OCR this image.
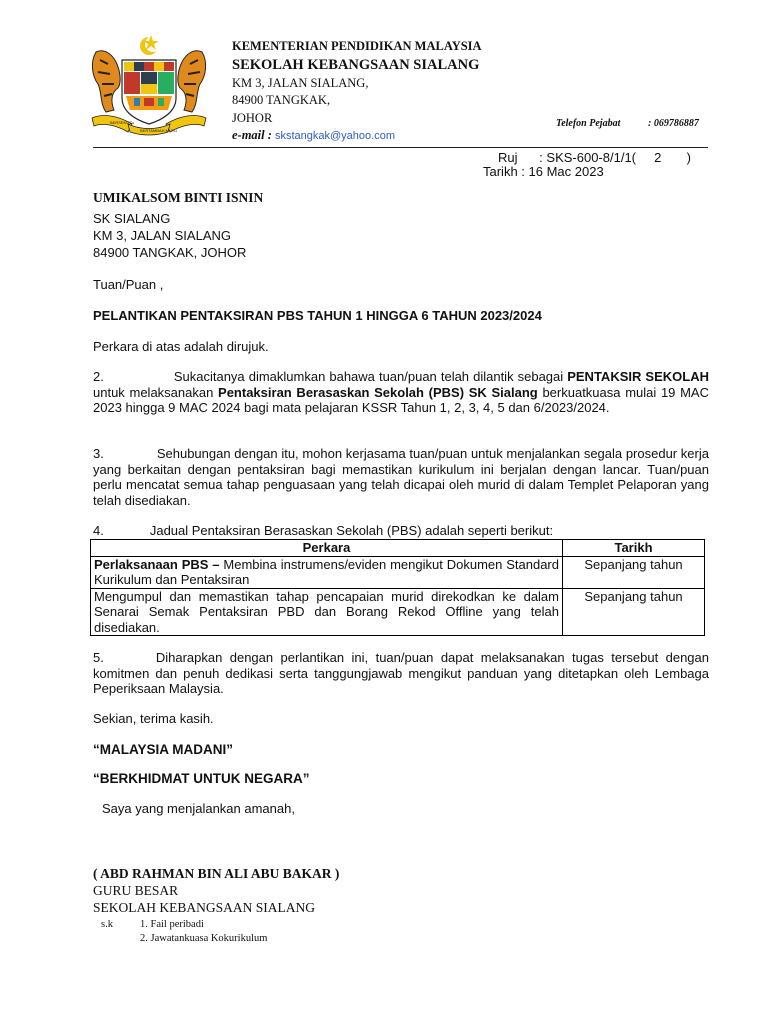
BERSEKUTU
BERTAMBAH MUTU
KEMENTERIAN PENDIDIKAN MALAYSIA
SEKOLAH KEBANGSAAN SIALANG
KM 3, JALAN SIALANG,
84900 TANGKAK,
JOHOR
e-mail : skstangkak@yahoo.com
Telefon Pejabat	: 069786887
Ruj      : SKS-600-8/1/1(     2       )
Tarikh : 16 Mac 2023
UMIKALSOM BINTI ISNIN
SK SIALANG
KM 3, JALAN SIALANG
84900 TANGKAK, JOHOR
Tuan/Puan ,
PELANTIKAN PENTAKSIRAN PBS TAHUN 1 HINGGA 6 TAHUN 2023/2024
Perkara di atas adalah dirujuk.
2.	Sukacitanya dimaklumkan bahawa tuan/puan telah dilantik sebagai PENTAKSIR SEKOLAH untuk melaksanakan Pentaksiran Berasaskan Sekolah (PBS) SK Sialang berkuatkuasa mulai 19 MAC 2023 hingga 9 MAC 2024 bagi mata pelajaran KSSR Tahun 1, 2, 3, 4, 5 dan 6/2023/2024.
3.	Sehubungan dengan itu, mohon kerjasama tuan/puan untuk menjalankan segala prosedur kerja yang berkaitan dengan pentaksiran bagi memastikan kurikulum ini berjalan dengan lancar. Tuan/puan perlu mencatat semua tahap penguasaan yang telah dicapai oleh murid di dalam Templet Pelaporan yang telah disediakan.
4.	Jadual Pentaksiran Berasaskan Sekolah (PBS) adalah seperti berikut:
Perkara	Tarikh
Perlaksanaan PBS – Membina instrumens/eviden mengikut Dokumen Standard Kurikulum dan Pentaksiran	Sepanjang tahun
Mengumpul dan memastikan tahap pencapaian murid direkodkan ke dalam Senarai Semak Pentaksiran PBD dan Borang Rekod Offline yang telah disediakan.	Sepanjang tahun
5.	Diharapkan dengan perlantikan ini, tuan/puan dapat melaksanakan tugas tersebut dengan komitmen dan penuh dedikasi serta tanggungjawab mengikut panduan yang ditetapkan oleh Lembaga Peperiksaan Malaysia.
Sekian, terima kasih.
“MALAYSIA MADANI”
“BERKHIDMAT UNTUK NEGARA”
Saya yang menjalankan amanah,
( ABD RAHMAN BIN ALI ABU BAKAR )
GURU BESAR
SEKOLAH KEBANGSAAN SIALANG
s.k	1. Fail peribadi
2. Jawatankuasa Kokurikulum
